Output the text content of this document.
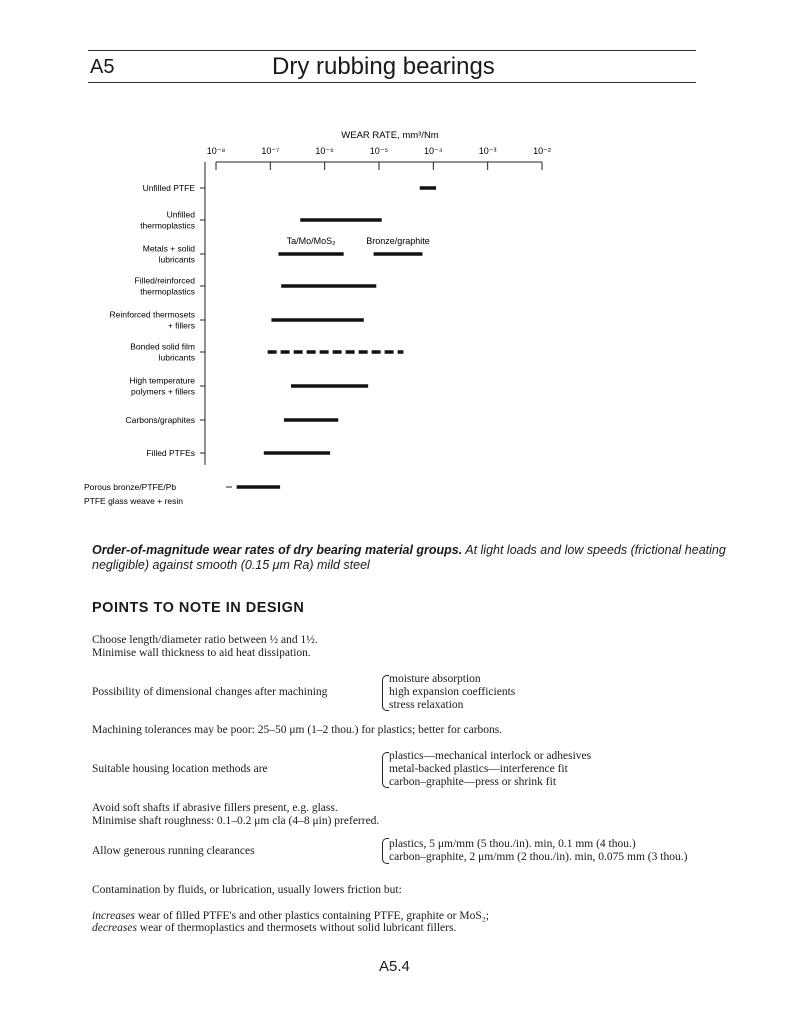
A5	Dry rubbing bearings
WEAR RATE, mm³/Nm
10⁻⁸	10⁻⁷	10⁻⁶	10⁻⁵	10⁻⁴	10⁻³	10⁻²
Unfilled PTFE
Unfilled
thermoplastics
Metals + solid
lubricants
Filled/reinforced
thermoplastics
Reinforced thermosets
+ fillers
Bonded solid film
lubricants
High temperature
polymers + fillers
Carbons/graphites
Filled PTFEs
Porous bronze/PTFE/Pb
PTFE glass weave + resin
Ta/Mo/MoS₂	Bronze/graphite
Order-of-magnitude wear rates of dry bearing material groups. At light loads and low speeds (frictional heating negligible) against smooth (0.15 μm Ra) mild steel
POINTS TO NOTE IN DESIGN
Choose length/diameter ratio between ½ and 1½.
Minimise wall thickness to aid heat dissipation.
Possibility of dimensional changes after machining
moisture absorption
high expansion coefficients
stress relaxation
Machining tolerances may be poor: 25–50 μm (1–2 thou.) for plastics; better for carbons.
Suitable housing location methods are
plastics—mechanical interlock or adhesives
metal-backed plastics—interference fit
carbon–graphite—press or shrink fit
Avoid soft shafts if abrasive fillers present, e.g. glass.
Minimise shaft roughness: 0.1–0.2 μm cla (4–8 μin) preferred.
Allow generous running clearances
plastics, 5 μm/mm (5 thou./in). min, 0.1 mm (4 thou.)
carbon–graphite, 2 μm/mm (2 thou./in). min, 0.075 mm (3 thou.)
Contamination by fluids, or lubrication, usually lowers friction but:
increases wear of filled PTFE's and other plastics containing PTFE, graphite or MoS₂;
decreases wear of thermoplastics and thermosets without solid lubricant fillers.
A5.4
